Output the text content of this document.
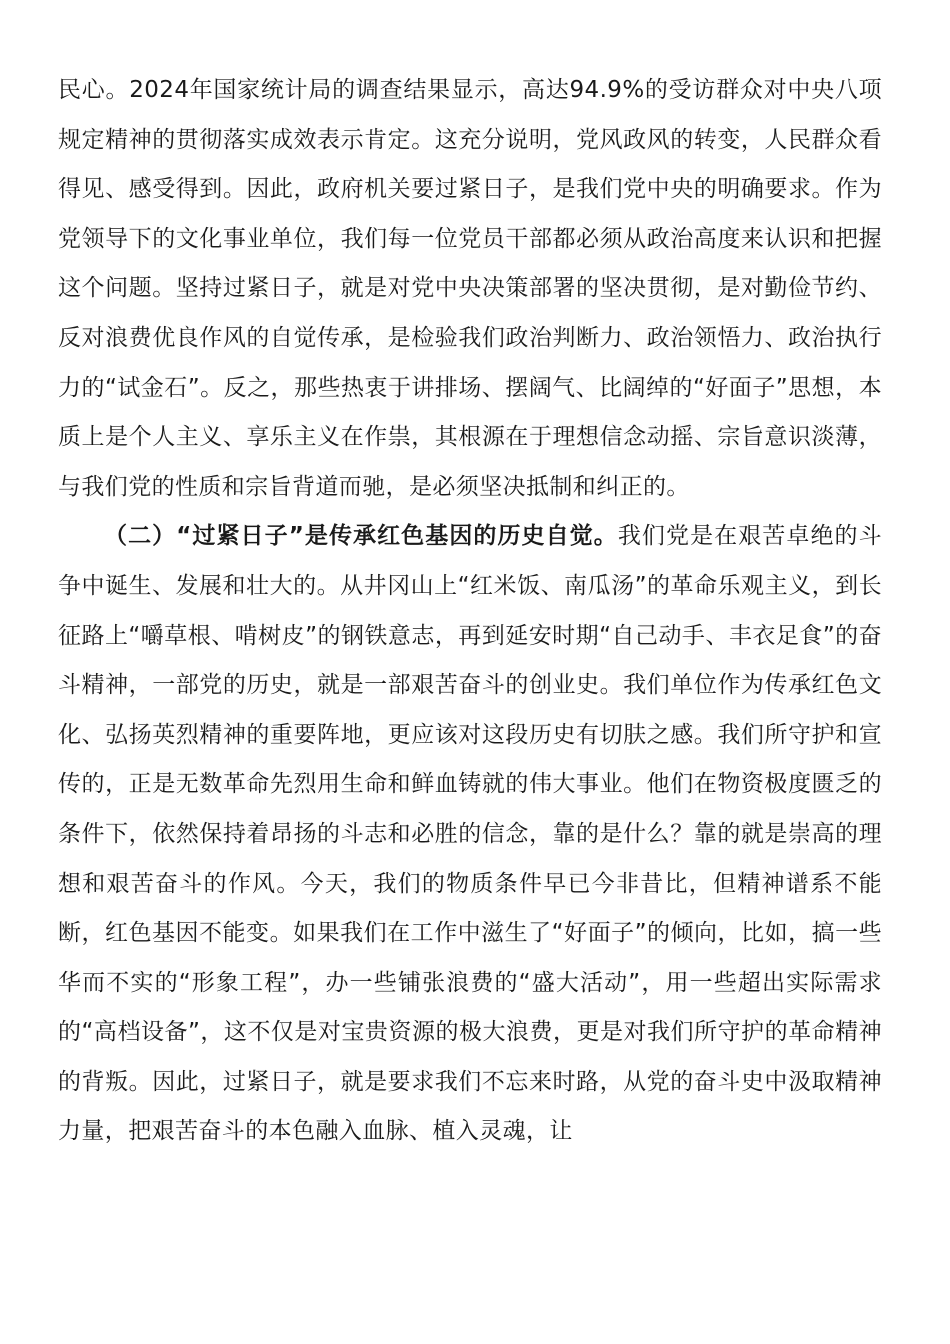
民心。2024年国家统计局的调查结果显示，高达94.9%的受访群众对中央八项规定精神的贯彻落实成效表示肯定。这充分说明，党风政风的转变，人民群众看得见、感受得到。因此，政府机关要过紧日子，是我们党中央的明确要求。作为党领导下的文化事业单位，我们每一位党员干部都必须从政治高度来认识和把握这个问题。坚持过紧日子，就是对党中央决策部署的坚决贯彻，是对勤俭节约、反对浪费优良作风的自觉传承，是检验我们政治判断力、政治领悟力、政治执行力的“试金石”。反之，那些热衷于讲排场、摆阔气、比阔绰的“好面子”思想，本质上是个人主义、享乐主义在作祟，其根源在于理想信念动摇、宗旨意识淡薄，与我们党的性质和宗旨背道而驰，是必须坚决抵制和纠正的。

（二）“过紧日子”是传承红色基因的历史自觉。我们党是在艰苦卓绝的斗争中诞生、发展和壮大的。从井冈山上“红米饭、南瓜汤”的革命乐观主义，到长征路上“嚼草根、啃树皮”的钢铁意志，再到延安时期“自己动手、丰衣足食”的奋斗精神，一部党的历史，就是一部艰苦奋斗的创业史。我们单位作为传承红色文化、弘扬英烈精神的重要阵地，更应该对这段历史有切肤之感。我们所守护和宣传的，正是无数革命先烈用生命和鲜血铸就的伟大事业。他们在物资极度匮乏的条件下，依然保持着昂扬的斗志和必胜的信念，靠的是什么？靠的就是崇高的理想和艰苦奋斗的作风。今天，我们的物质条件早已今非昔比，但精神谱系不能断，红色基因不能变。如果我们在工作中滋生了“好面子”的倾向，比如，搞一些华而不实的“形象工程”，办一些铺张浪费的“盛大活动”，用一些超出实际需求的“高档设备”，这不仅是对宝贵资源的极大浪费，更是对我们所守护的革命精神的背叛。因此，过紧日子，就是要求我们不忘来时路，从党的奋斗史中汲取精神力量，把艰苦奋斗的本色融入血脉、植入灵魂，让
